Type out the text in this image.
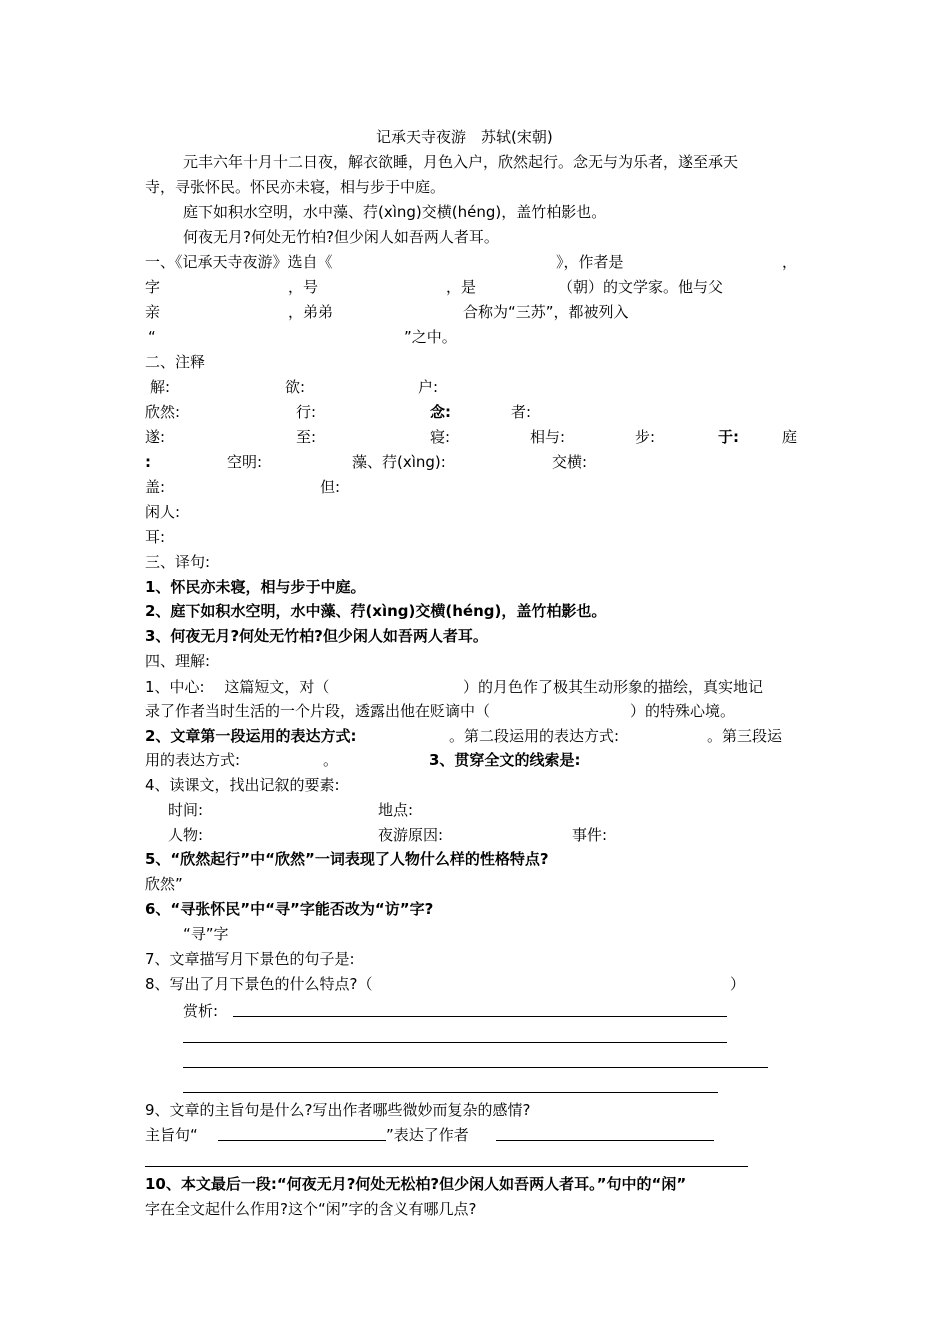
记承天寺夜游　苏轼(宋朝)
元丰六年十月十二日夜，解衣欲睡，月色入户，欣然起行。念无与为乐者，遂至承天
寺，寻张怀民。怀民亦未寝，相与步于中庭。
庭下如积水空明，水中藻、荇(xìng)交横(héng)，盖竹柏影也。
何夜无月?何处无竹柏?但少闲人如吾两人者耳。
一、《记承天寺夜游》选自《	》，作者是	，
字	，号	，是	（朝）的文学家。他与父
亲	，弟弟	合称为“三苏”，都被列入
“	”之中。
二、注释
解:	欲:	户:
欣然:	行:	念:	者:
遂:	至:	寝:	相与:	步:	于:	庭
:	空明:	藻、荇(xìng):	交横:
盖:	但:
闲人:
耳:
三、译句:
1、怀民亦未寝，相与步于中庭。
2、庭下如积水空明，水中藻、荇(xìng)交横(héng)，盖竹柏影也。
3、何夜无月?何处无竹柏?但少闲人如吾两人者耳。
四、理解:
1、中心:　 这篇短文，对（	）的月色作了极其生动形象的描绘，真实地记
录了作者当时生活的一个片段，透露出他在贬谪中（	）的特殊心境。
2、文章第一段运用的表达方式:	。第二段运用的表达方式:	。第三段运
用的表达方式:	。	3、贯穿全文的线索是:
4、读课文，找出记叙的要素:
时间:	地点:
人物:	夜游原因:	事件:
5、“欣然起行”中“欣然”一词表现了人物什么样的性格特点?
欣然”
6、“寻张怀民”中“寻”字能否改为“访”字?
“寻”字
7、文章描写月下景色的句子是:
8、写出了月下景色的什么特点?（	）
赏析:
9、文章的主旨句是什么?写出作者哪些微妙而复杂的感情?
主旨句“	”表达了作者
10、本文最后一段:“何夜无月?何处无松柏?但少闲人如吾两人者耳。”句中的“闲”
字在全文起什么作用?这个“闲”字的含义有哪几点?
